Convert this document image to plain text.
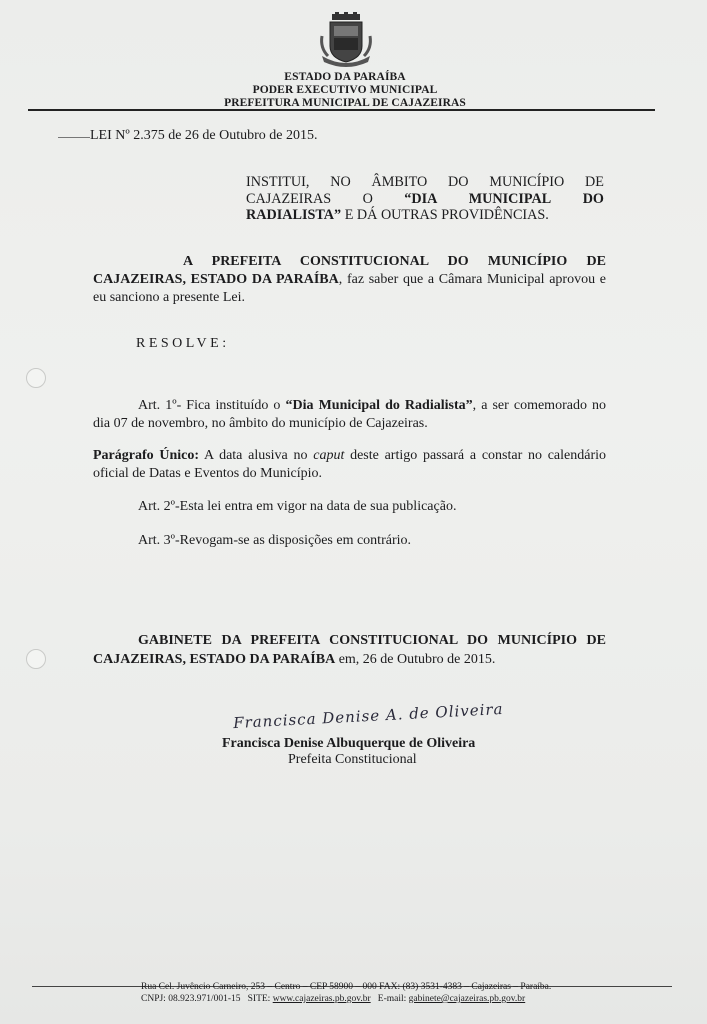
ESTADO DA PARAÍBA
PODER EXECUTIVO MUNICIPAL
PREFEITURA MUNICIPAL DE CAJAZEIRAS
LEI Nº 2.375 de 26 de Outubro de 2015.
INSTITUI, NO ÂMBITO DO MUNICÍPIO DE
CAJAZEIRAS O “DIA MUNICIPAL DO
RADIALISTA” E DÁ OUTRAS PROVIDÊNCIAS.
A PREFEITA CONSTITUCIONAL DO MUNICÍPIO DE CAJAZEIRAS, ESTADO DA PARAÍBA, faz saber que a Câmara Municipal aprovou e eu sanciono a presente Lei.
RESOLVE:
Art. 1º- Fica instituído o “Dia Municipal do Radialista”, a ser comemorado no dia 07 de novembro, no âmbito do município de Cajazeiras.
Parágrafo Único: A data alusiva no caput deste artigo passará a constar no calendário oficial de Datas e Eventos do Município.
Art. 2º-Esta lei entra em vigor na data de sua publicação.
Art. 3º-Revogam-se as disposições em contrário.
GABINETE DA PREFEITA CONSTITUCIONAL DO MUNICÍPIO DE CAJAZEIRAS, ESTADO DA PARAÍBA em, 26 de Outubro de 2015.
Francisca Denise A. de Oliveira
Francisca Denise Albuquerque de Oliveira
Prefeita Constitucional
Rua Cel. Juvêncio Carneiro, 253 – Centro – CEP 58900 – 000 FAX: (83) 3531-4383 – Cajazeiras – Paraíba.
CNPJ: 08.923.971/001-15 SITE: www.cajazeiras.pb.gov.br E-mail: gabinete@cajazeiras.pb.gov.br
